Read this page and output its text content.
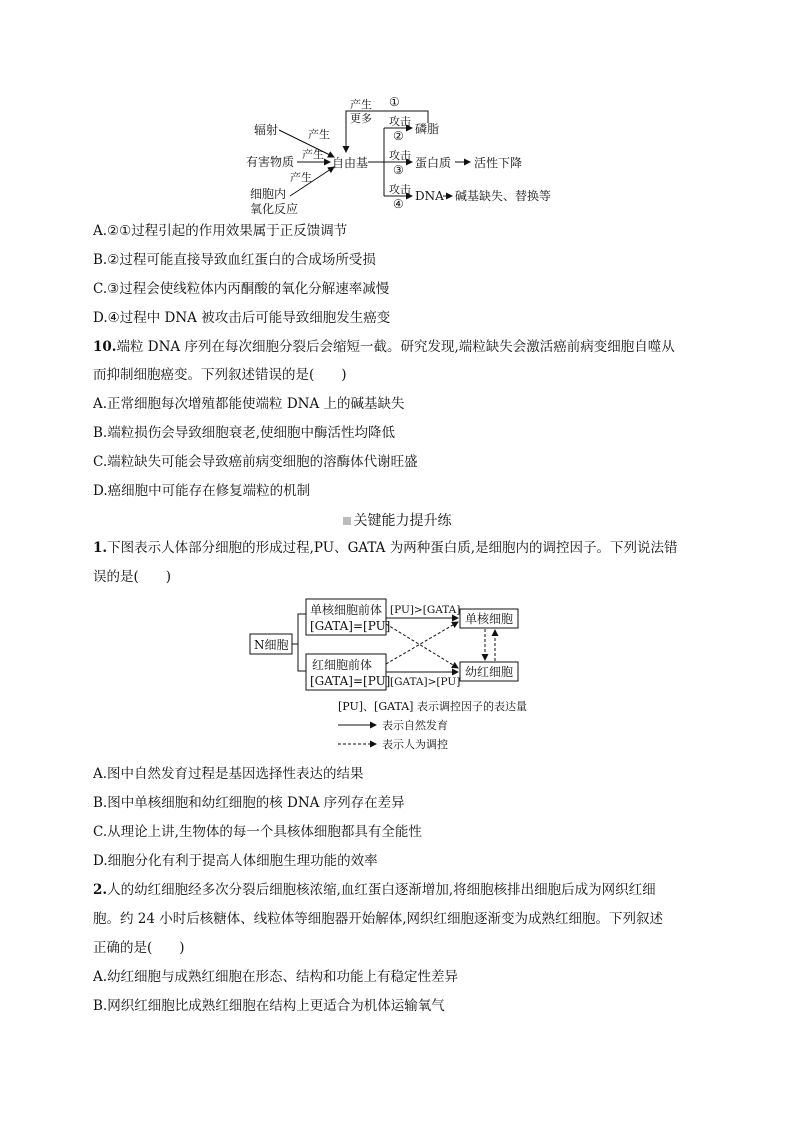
辐射
有害物质
细胞内
氧化反应
产生
产生
产生
自由基
产生
更多
①
攻击
②
攻击
③
攻击
④
磷脂
蛋白质 活性下降
DNA 碱基缺失、替换等
A.②①过程引起的作用效果属于正反馈调节
B.②过程可能直接导致血红蛋白的合成场所受损
C.③过程会使线粒体内丙酮酸的氧化分解速率减慢
D.④过程中 DNA 被攻击后可能导致细胞发生癌变
10.端粒 DNA 序列在每次细胞分裂后会缩短一截。研究发现,端粒缺失会激活癌前病变细胞自噬从
而抑制细胞癌变。下列叙述错误的是(　　)
A.正常细胞每次增殖都能使端粒 DNA 上的碱基缺失
B.端粒损伤会导致细胞衰老,使细胞中酶活性均降低
C.端粒缺失可能会导致癌前病变细胞的溶酶体代谢旺盛
D.癌细胞中可能存在修复端粒的机制
关键能力提升练
1.下图表示人体部分细胞的形成过程,PU、GATA 为两种蛋白质,是细胞内的调控因子。下列说法错
误的是(　　)
N细胞
单核细胞前体
[GATA]=[PU]
红细胞前体
[GATA]=[PU]
单核细胞
幼红细胞
[PU]>[GATA]
[GATA]>[PU]
[PU]、[GATA] 表示调控因子的表达量
表示自然发育
表示人为调控
A.图中自然发育过程是基因选择性表达的结果
B.图中单核细胞和幼红细胞的核 DNA 序列存在差异
C.从理论上讲,生物体的每一个具核体细胞都具有全能性
D.细胞分化有利于提高人体细胞生理功能的效率
2.人的幼红细胞经多次分裂后细胞核浓缩,血红蛋白逐渐增加,将细胞核排出细胞后成为网织红细
胞。约 24 小时后核糖体、线粒体等细胞器开始解体,网织红细胞逐渐变为成熟红细胞。下列叙述
正确的是(　　)
A.幼红细胞与成熟红细胞在形态、结构和功能上有稳定性差异
B.网织红细胞比成熟红细胞在结构上更适合为机体运输氧气
